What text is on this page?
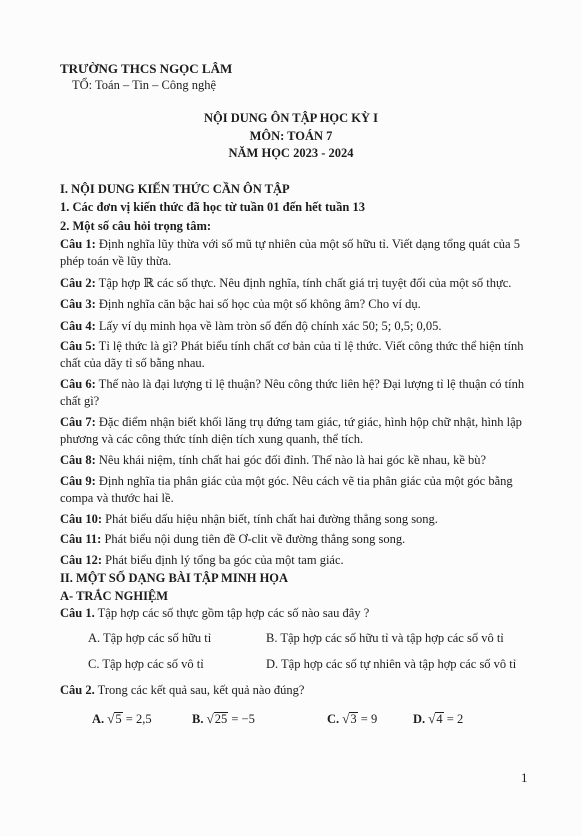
TRƯỜNG THCS NGỌC LÂM
TỔ: Toán – Tin – Công nghệ
NỘI DUNG ÔN TẬP HỌC KỲ I
MÔN: TOÁN 7
NĂM HỌC 2023 - 2024
I. NỘI DUNG KIẾN THỨC CẦN ÔN TẬP
1. Các đơn vị kiến thức đã học từ tuần 01 đến hết tuần 13
2. Một số câu hỏi trọng tâm:
Câu 1: Định nghĩa lũy thừa với số mũ tự nhiên của một số hữu tỉ. Viết dạng tổng quát của 5 phép toán về lũy thừa.
Câu 2: Tập hợp ℝ các số thực. Nêu định nghĩa, tính chất giá trị tuyệt đối của một số thực.
Câu 3: Định nghĩa căn bậc hai số học của một số không âm? Cho ví dụ.
Câu 4: Lấy ví dụ minh họa về làm tròn số đến độ chính xác 50; 5; 0,5; 0,05.
Câu 5: Tỉ lệ thức là gì? Phát biểu tính chất cơ bản của tỉ lệ thức. Viết công thức thể hiện tính chất của dãy tỉ số bằng nhau.
Câu 6: Thế nào là đại lượng tỉ lệ thuận? Nêu công thức liên hệ? Đại lượng tỉ lệ thuận có tính chất gì?
Câu 7: Đặc điểm nhận biết khối lăng trụ đứng tam giác, tứ giác, hình hộp chữ nhật, hình lập phương và các công thức tính diện tích xung quanh, thể tích.
Câu 8: Nêu khái niệm, tính chất hai góc đối đỉnh. Thế nào là hai góc kề nhau, kề bù?
Câu 9: Định nghĩa tia phân giác của một góc. Nêu cách vẽ tia phân giác của một góc bằng compa và thước hai lề.
Câu 10: Phát biểu dấu hiệu nhận biết, tính chất hai đường thẳng song song.
Câu 11: Phát biểu nội dung tiên đề Ơ-clit về đường thẳng song song.
Câu 12: Phát biểu định lý tổng ba góc của một tam giác.
II. MỘT SỐ DẠNG BÀI TẬP MINH HỌA
A- TRẮC NGHIỆM
Câu 1. Tập hợp các số thực gồm tập hợp các số nào sau đây ?
A. Tập hợp các số hữu tỉ	B. Tập hợp các số hữu tỉ và tập hợp các số vô tỉ
C. Tập hợp các số vô tỉ	D. Tập hợp các số tự nhiên và tập hợp các số vô tỉ
Câu 2. Trong các kết quả sau, kết quả nào đúng?
A. √5 = 2,5	B. √25 = −5	C. √3 = 9	D. √4 = 2
1
